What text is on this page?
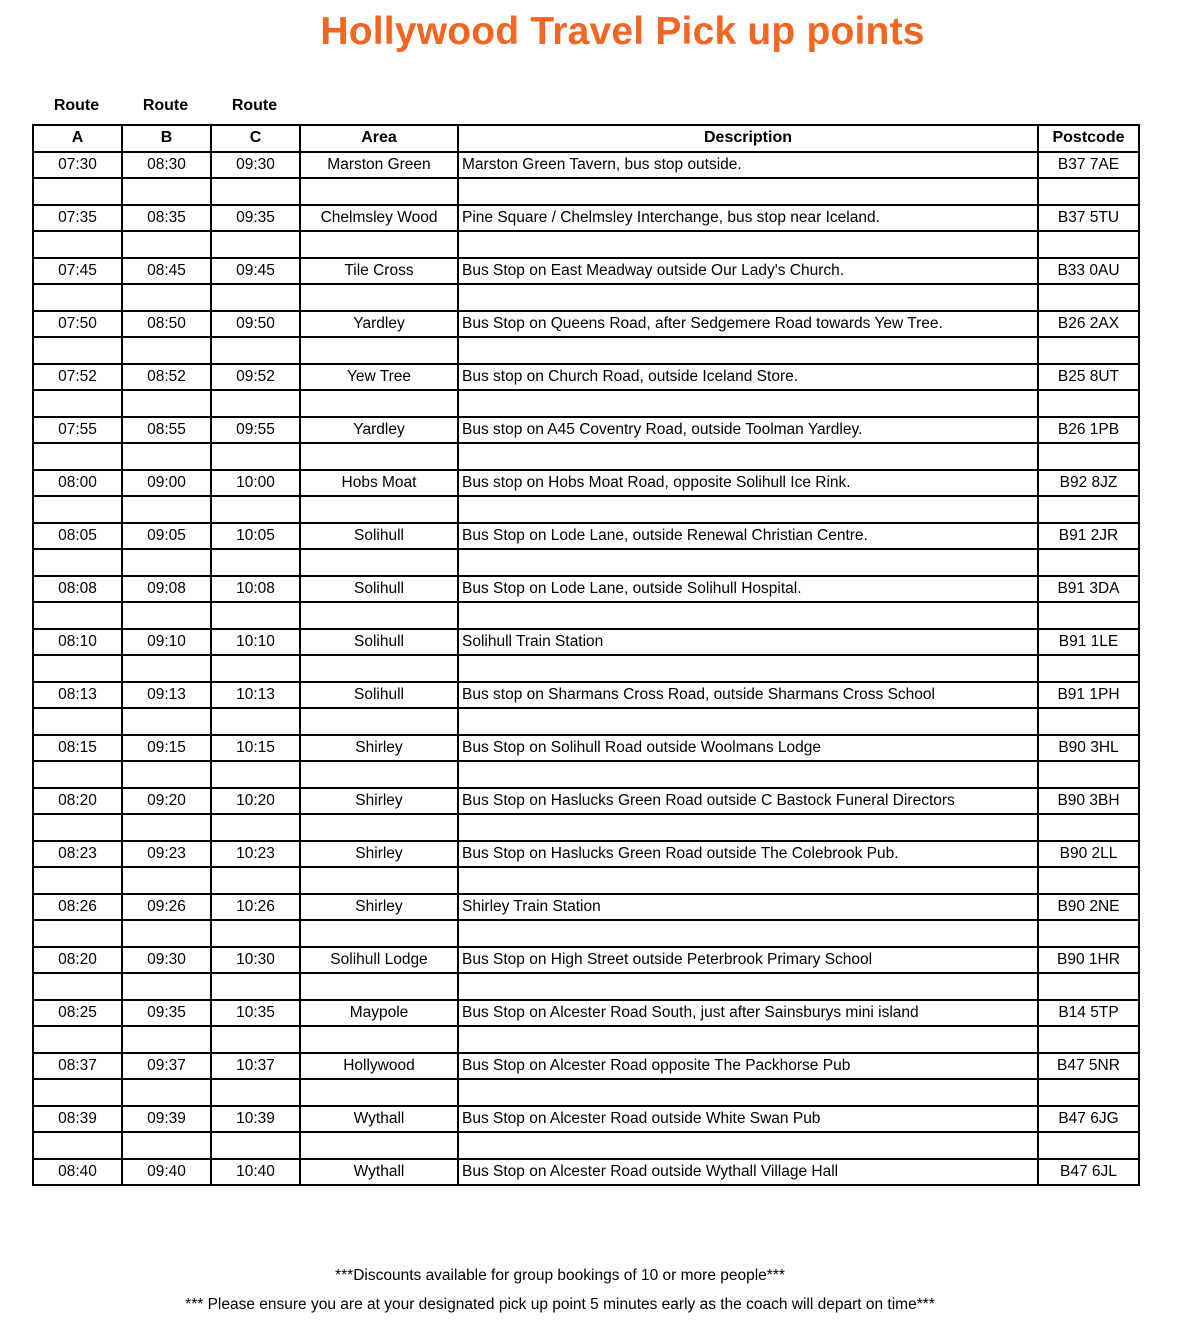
Hollywood Travel Pick up points
Route	Route	Route
A	B	C	Area	Description	Postcode
07:30	08:30	09:30	Marston Green	Marston Green Tavern, bus stop outside.	B37 7AE

07:35	08:35	09:35	Chelmsley Wood	Pine Square / Chelmsley Interchange, bus stop near Iceland.	B37 5TU

07:45	08:45	09:45	Tile Cross	Bus Stop on East Meadway outside Our Lady's Church.	B33 0AU

07:50	08:50	09:50	Yardley	Bus Stop on Queens Road, after Sedgemere Road towards Yew Tree.	B26 2AX

07:52	08:52	09:52	Yew Tree	Bus stop on Church Road, outside Iceland Store.	B25 8UT

07:55	08:55	09:55	Yardley	Bus stop on A45 Coventry Road, outside Toolman Yardley.	B26 1PB

08:00	09:00	10:00	Hobs Moat	Bus stop on Hobs Moat Road, opposite Solihull Ice Rink.	B92 8JZ

08:05	09:05	10:05	Solihull	Bus Stop on Lode Lane, outside Renewal Christian Centre.	B91 2JR

08:08	09:08	10:08	Solihull	Bus Stop on Lode Lane, outside Solihull Hospital.	B91 3DA

08:10	09:10	10:10	Solihull	Solihull Train Station	B91 1LE

08:13	09:13	10:13	Solihull	Bus stop on Sharmans Cross Road, outside Sharmans Cross School	B91 1PH

08:15	09:15	10:15	Shirley	Bus Stop on Solihull Road outside Woolmans Lodge	B90 3HL

08:20	09:20	10:20	Shirley	Bus Stop on Haslucks Green Road outside C Bastock Funeral Directors	B90 3BH

08:23	09:23	10:23	Shirley	Bus Stop on Haslucks Green Road outside The Colebrook Pub.	B90 2LL

08:26	09:26	10:26	Shirley	Shirley Train Station	B90 2NE

08:20	09:30	10:30	Solihull Lodge	Bus Stop on High Street outside Peterbrook Primary School	B90 1HR

08:25	09:35	10:35	Maypole	Bus Stop on Alcester Road South, just after Sainsburys mini island	B14 5TP

08:37	09:37	10:37	Hollywood	Bus Stop on Alcester Road opposite The Packhorse Pub	B47 5NR

08:39	09:39	10:39	Wythall	Bus Stop on Alcester Road outside White Swan Pub	B47 6JG

08:40	09:40	10:40	Wythall	Bus Stop on Alcester Road outside Wythall Village Hall	B47 6JL
***Discounts available for group bookings of 10 or more people***
*** Please ensure you are at your designated pick up point 5 minutes early as the coach will depart on time***
